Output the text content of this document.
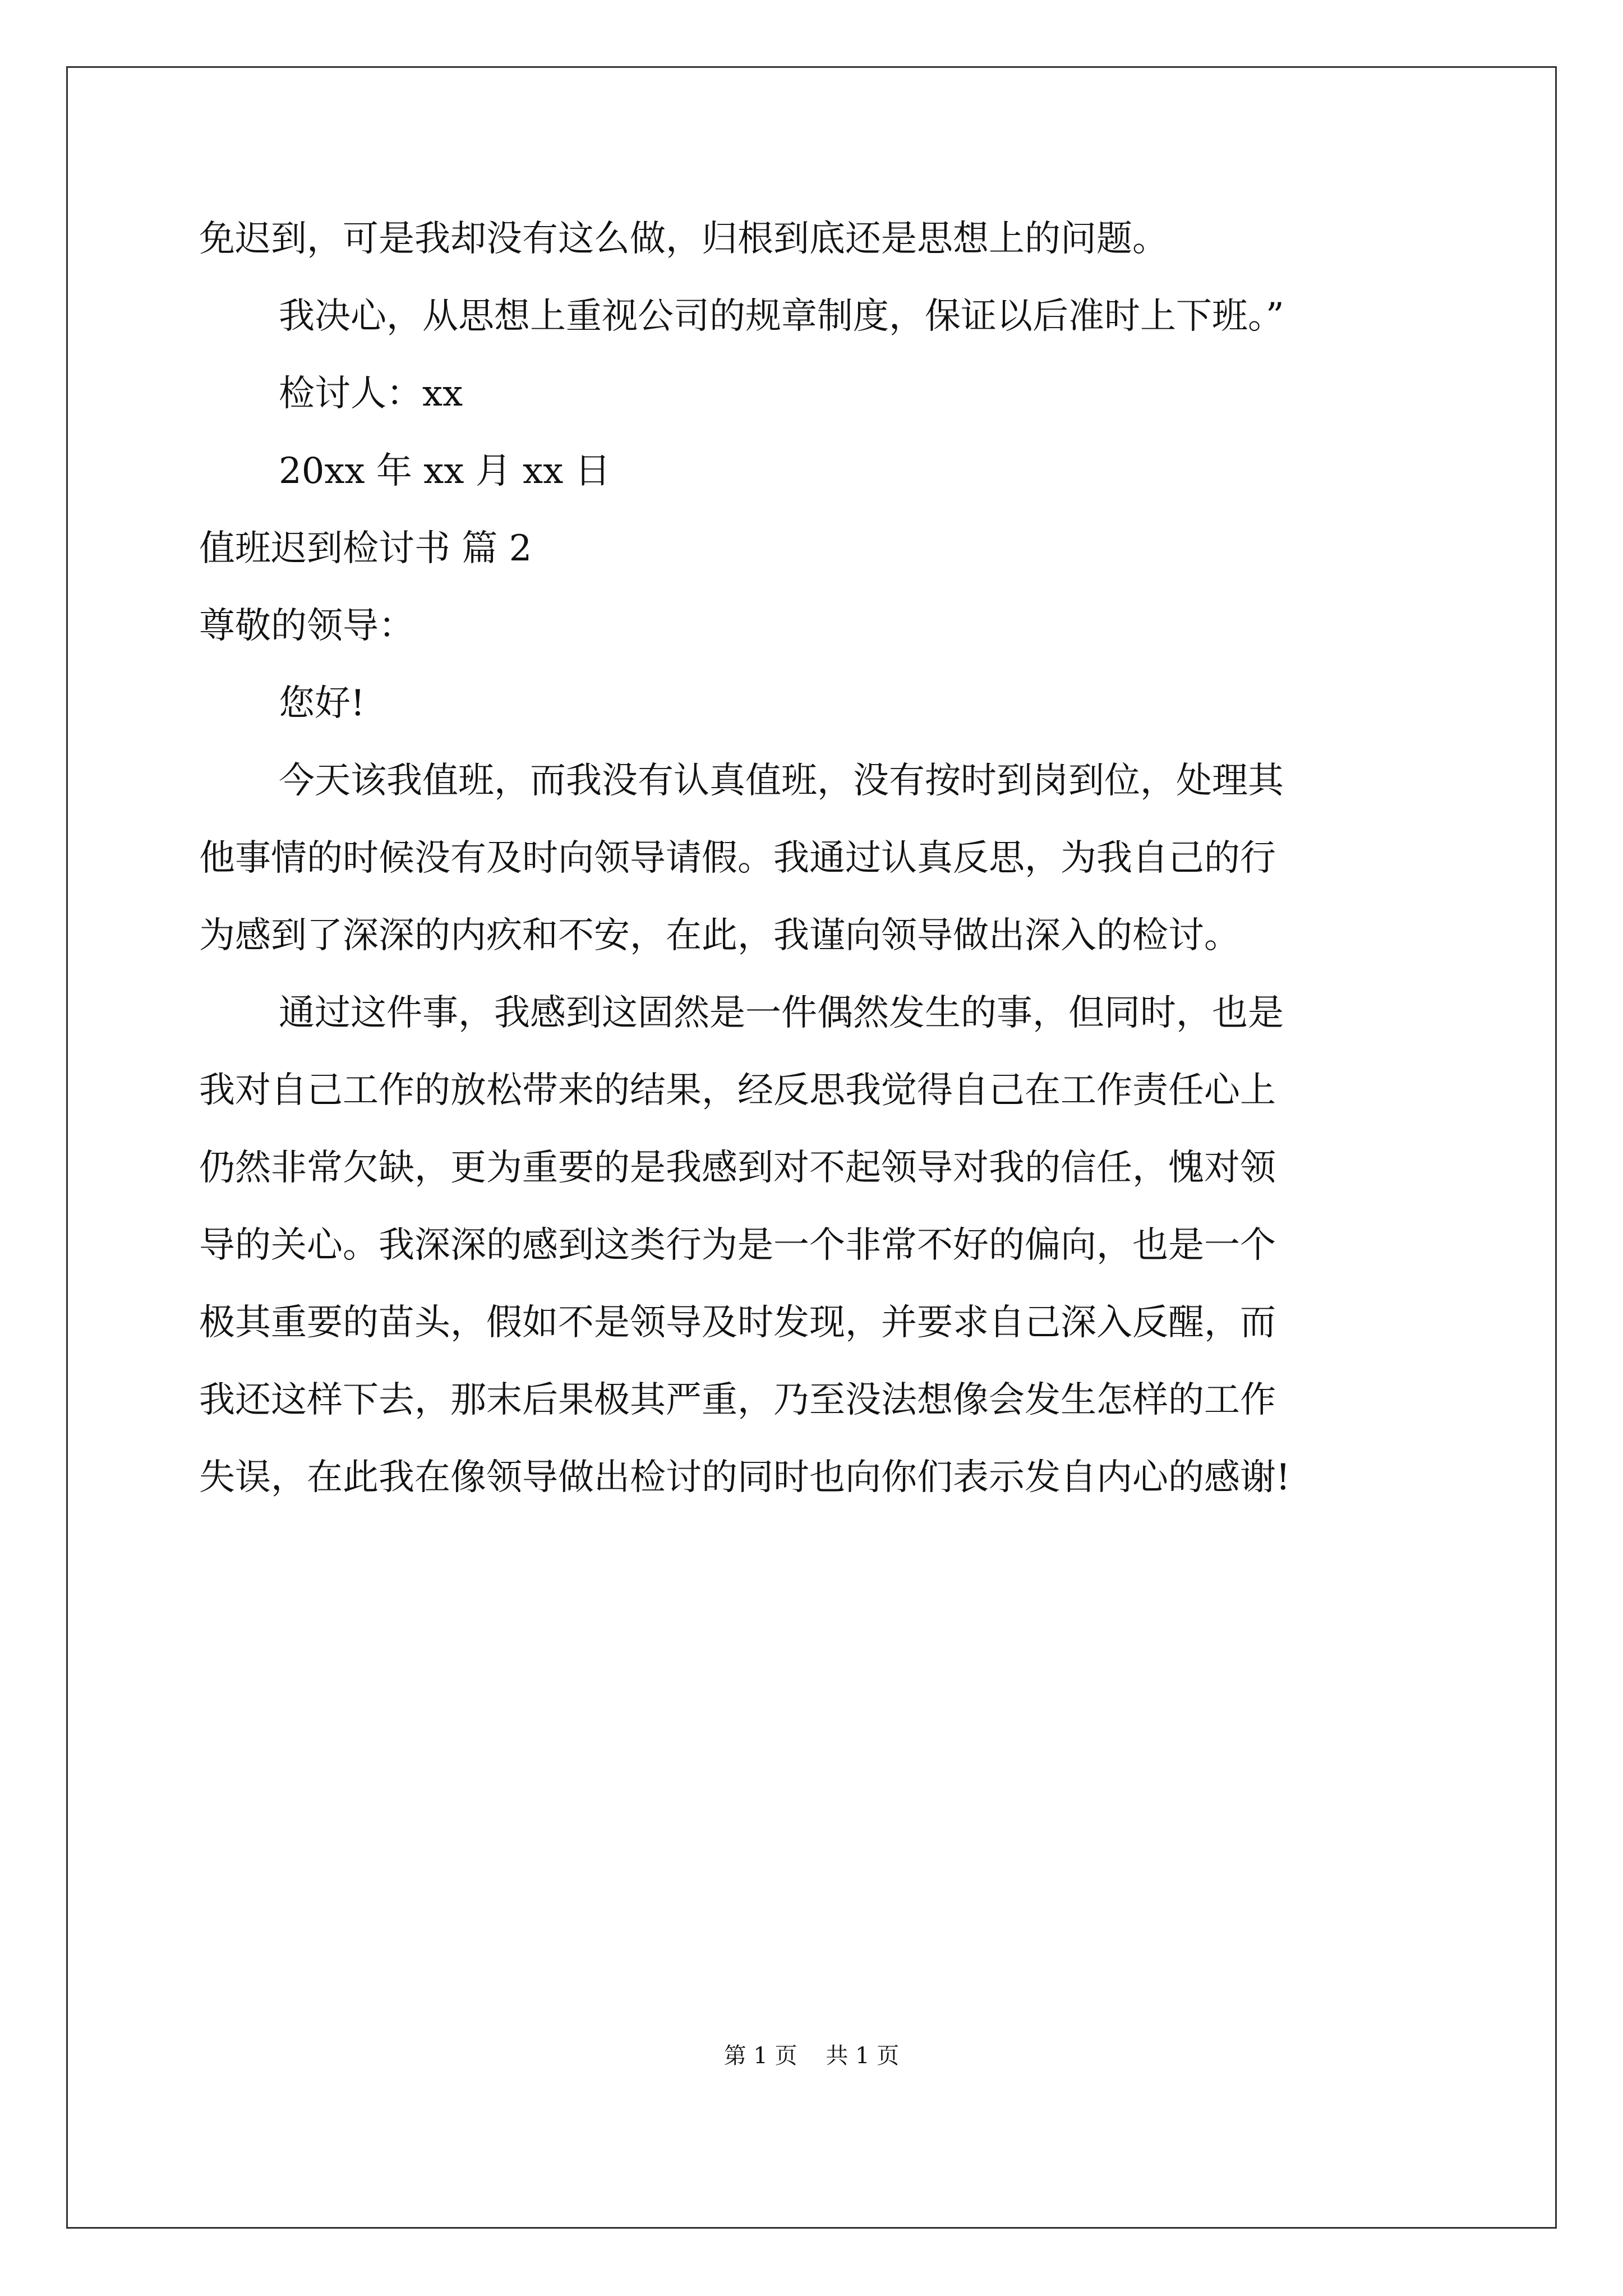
免迟到，可是我却没有这么做，归根到底还是思想上的问题。
我决心，从思想上重视公司的规章制度，保证以后准时上下班。”
检讨人：xx
20xx 年 xx 月 xx 日
值班迟到检讨书 篇 2
尊敬的领导：
您好!
今天该我值班，而我没有认真值班，没有按时到岗到位，处理其
他事情的时候没有及时向领导请假。我通过认真反思，为我自己的行
为感到了深深的内疚和不安，在此，我谨向领导做出深入的检讨。
通过这件事，我感到这固然是一件偶然发生的事，但同时，也是
我对自己工作的放松带来的结果，经反思我觉得自己在工作责任心上
仍然非常欠缺，更为重要的是我感到对不起领导对我的信任，愧对领
导的关心。我深深的感到这类行为是一个非常不好的偏向，也是一个
极其重要的苗头，假如不是领导及时发现，并要求自己深入反醒，而
我还这样下去，那末后果极其严重，乃至没法想像会发生怎样的工作
失误，在此我在像领导做出检讨的同时也向你们表示发自内心的感谢!
第 1 页    共 1 页
